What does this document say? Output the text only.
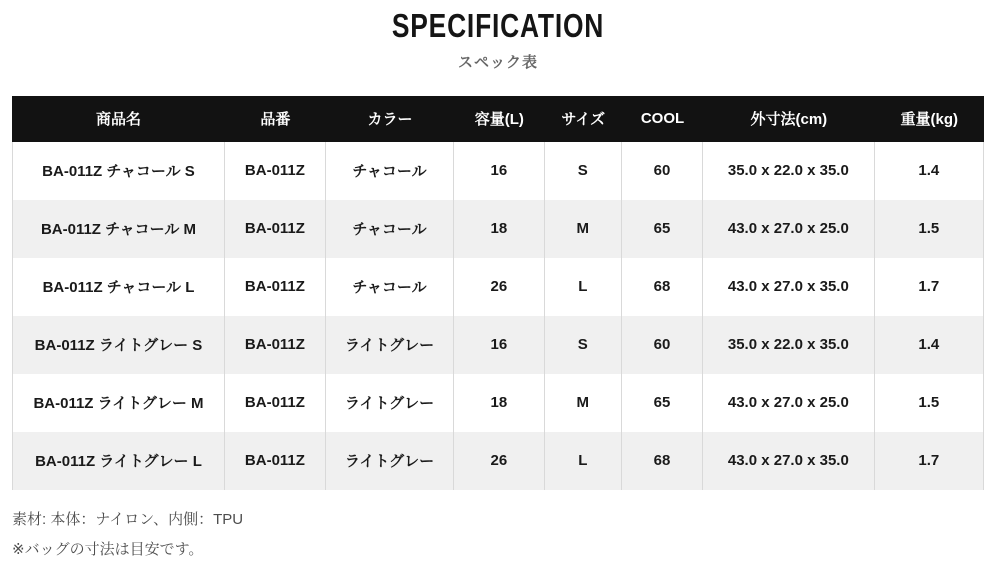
SPECIFICATION
スペック表
商品名	品番	カラー	容量(L)	サイズ	COOL	外寸法(cm)	重量(kg)
BA-011Z チャコール S	BA-011Z	チャコール	16	S	60	35.0 x 22.0 x 35.0	1.4
BA-011Z チャコール M	BA-011Z	チャコール	18	M	65	43.0 x 27.0 x 25.0	1.5
BA-011Z チャコール L	BA-011Z	チャコール	26	L	68	43.0 x 27.0 x 35.0	1.7
BA-011Z ライトグレー S	BA-011Z	ライトグレー	16	S	60	35.0 x 22.0 x 35.0	1.4
BA-011Z ライトグレー M	BA-011Z	ライトグレー	18	M	65	43.0 x 27.0 x 25.0	1.5
BA-011Z ライトグレー L	BA-011Z	ライトグレー	26	L	68	43.0 x 27.0 x 35.0	1.7
素材: 本体：ナイロン、内側：TPU
※バッグの寸法は目安です。
